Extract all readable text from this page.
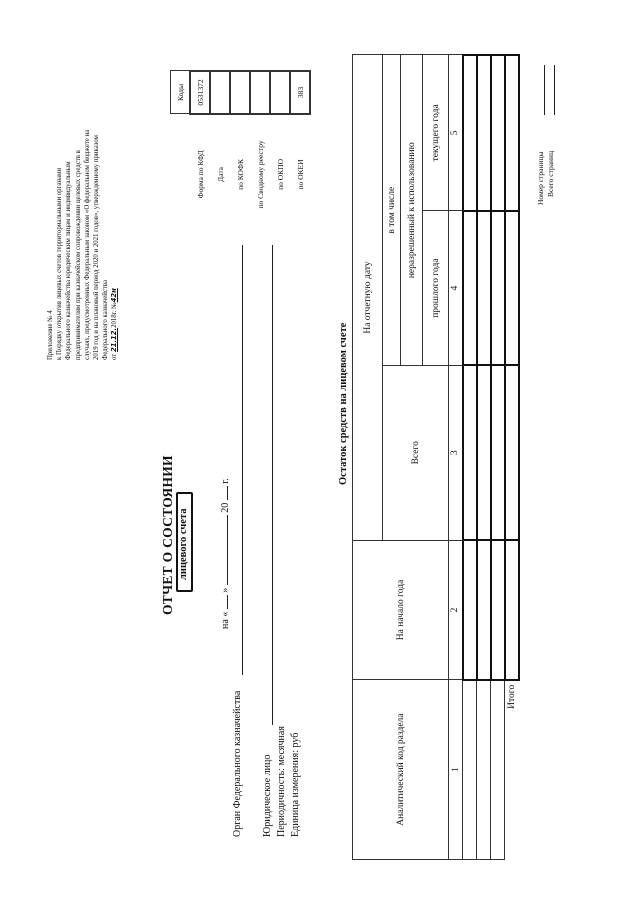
Приложение № 4 к Порядку открытия лицевых счетов территориальными органами Федерального казначейства юридическим лицам и индивидуальным предпринимателям при казначейском сопровождении целевых средств в случаях, предусмотренных Федеральным законом «О федеральном бюджете на 2019 год и на плановый период 2020 и 2021 годов», утвержденному приказом Федерального казначейства от 21.12.2018г. №42н
ОТЧЕТ О СОСТОЯНИИ лицевого счета
на «  »  20  г.
	Коды
Форма по КФД	0531372
Дата	
по КОФК	
по Сводному реестру	
по ОКПО	
по ОКЕИ	383
Орган Федерального казначейства Юридическое лицо Периодичность: месячная Единица измерения: руб
Остаток средств на лицевом счете
Аналитический код раздела	На начало года	На отчетную дату		
		Всего	в том числе	
			неразрешенный к использованию	
			прошлого года	текущего года
1	2	3	4	5

Итого				
Номер страницы Всего страниц
